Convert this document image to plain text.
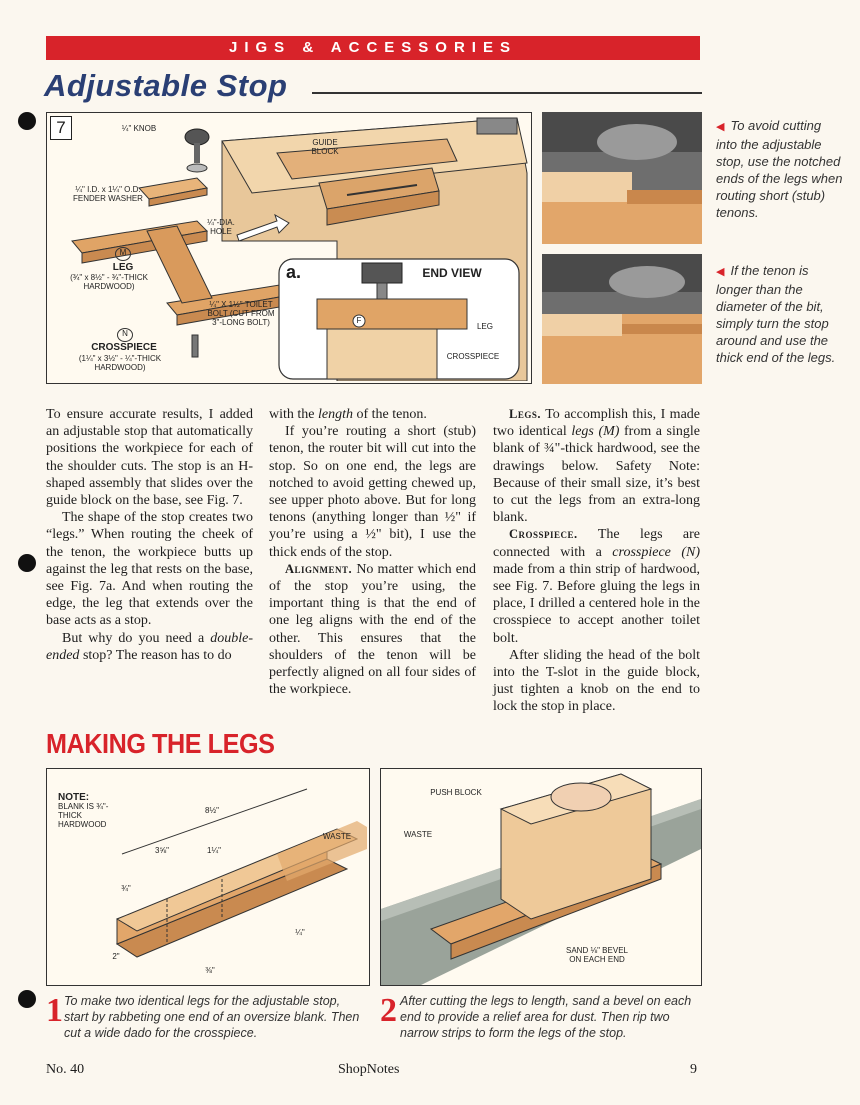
JIGS & ACCESSORIES
Adjustable Stop
7	¼" KNOB
¼" I.D. x 1¼" O.D. FENDER WASHER
GUIDE BLOCK
¼"-DIA. HOLE
M
LEG
(¾" x 8½" - ¾"-THICK HARDWOOD)
¼" X 1½" TOILET BOLT (CUT FROM 3"-LONG BOLT)
N
CROSSPIECE
(1¼" x 3½" - ¼"-THICK HARDWOOD)
a.	END VIEW
F
LEG
CROSSPIECE
◀ To avoid cutting into the adjustable stop, use the notched ends of the legs when routing short (stub) tenons.
◀ If the tenon is longer than the diameter of the bit, simply turn the stop around and use the thick end of the legs.

To ensure accurate results, I added an adjustable stop that automatically positions the workpiece for each of the shoulder cuts. The stop is an H-shaped assembly that slides over the guide block on the base, see Fig. 7.

The shape of the stop creates two “legs.” When routing the cheek of the tenon, the workpiece butts up against the leg that rests on the base, see Fig. 7a. And when routing the edge, the leg that extends over the base acts as a stop.

But why do you need a double-ended stop? The reason has to do

with the length of the tenon.

If you’re routing a short (stub) tenon, the router bit will cut into the stop. So on one end, the legs are notched to avoid getting chewed up, see upper photo above. But for long tenons (anything longer than ½" if you’re using a ½" bit), I use the thick ends of the stop.

Alignment. No matter which end of the stop you’re using, the important thing is that the end of one leg aligns with the end of the other. This ensures that the shoulders of the tenon will be perfectly aligned on all four sides of the workpiece.

Legs. To accomplish this, I made two identical legs (M) from a single blank of ¾"-thick hardwood, see the drawings below. Safety Note: Because of their small size, it’s best to cut the legs from an extra-long blank.

Crosspiece. The legs are connected with a crosspiece (N) made from a thin strip of hardwood, see Fig. 7. Before gluing the legs in place, I drilled a centered hole in the crosspiece to accept another toilet bolt.

After sliding the head of the bolt into the T-slot in the guide block, just tighten a knob on the end to lock the stop in place.

MAKING THE LEGS
NOTE:
BLANK IS ¾"-THICK HARDWOOD
8½"
3⅝"	1¼"
¾"
2"
⅜"
¼"
WASTE
PUSH BLOCK
WASTE
SAND ⅛" BEVEL ON EACH END
1 To make two identical legs for the adjustable stop, start by rabbeting one end of an oversize blank. Then cut a wide dado for the crosspiece.
2 After cutting the legs to length, sand a bevel on each end to provide a relief area for dust. Then rip two narrow strips to form the legs of the stop.
No. 40	ShopNotes	9
